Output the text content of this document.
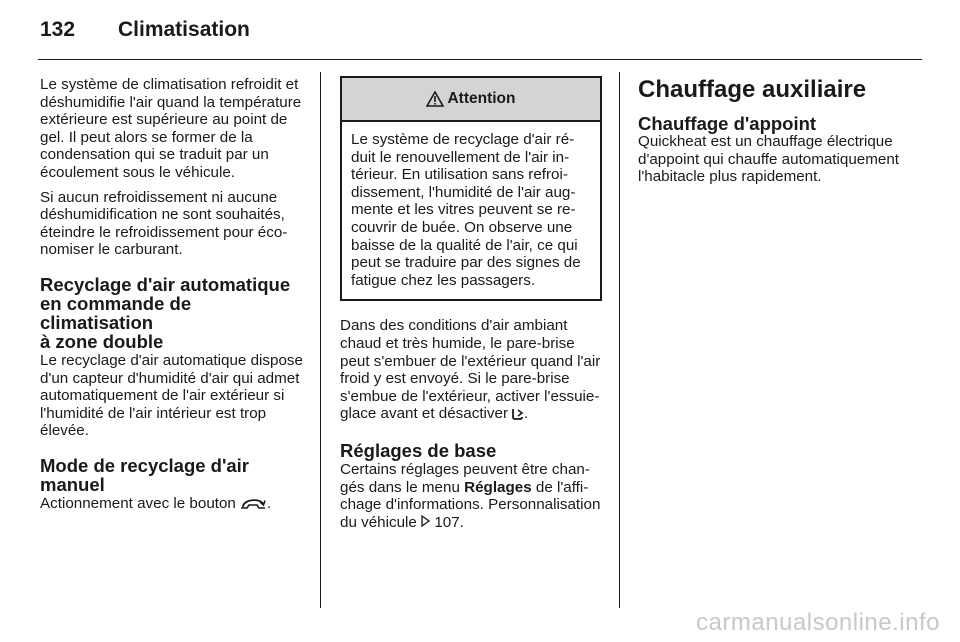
132	Climatisation

Le système de climatisation refroidit et déshumidifie l'air quand la température extérieure est supérieure au point de gel. Il peut alors se former de la condensation qui se traduit par un écoulement sous le véhicule.

Si aucun refroidissement ni aucune déshumidification ne sont souhaités, éteindre le refroidissement pour économiser le carburant.

Recyclage d'air automatique en commande de climatisation
à zone double

Le recyclage d'air automatique dispose d'un capteur d'humidité d'air qui admet automatiquement de l'air extérieur si l'humidité de l'air intérieur est trop élevée.

Mode de recyclage d'air manuel

Actionnement avec le bouton .

Attention

Le système de recyclage d'air réduit le renouvellement de l'air intérieur. En utilisation sans refroidissement, l'humidité de l'air augmente et les vitres peuvent se recouvrir de buée. On observe une baisse de la qualité de l'air, ce qui peut se traduire par des signes de fatigue chez les passagers.

Dans des conditions d'air ambiant chaud et très humide, le pare-brise peut s'embuer de l'extérieur quand l'air froid y est envoyé. Si le pare-brise s'embue de l'extérieur, activer l'essuie-glace avant et désactiver .

Réglages de base

Certains réglages peuvent être changés dans le menu Réglages de l'affichage d'informations. Personnalisation du véhicule 107.

Chauffage auxiliaire
Chauffage d'appoint

Quickheat est un chauffage électrique d'appoint qui chauffe automatiquement l'habitacle plus rapidement.

carmanualsonline.info
